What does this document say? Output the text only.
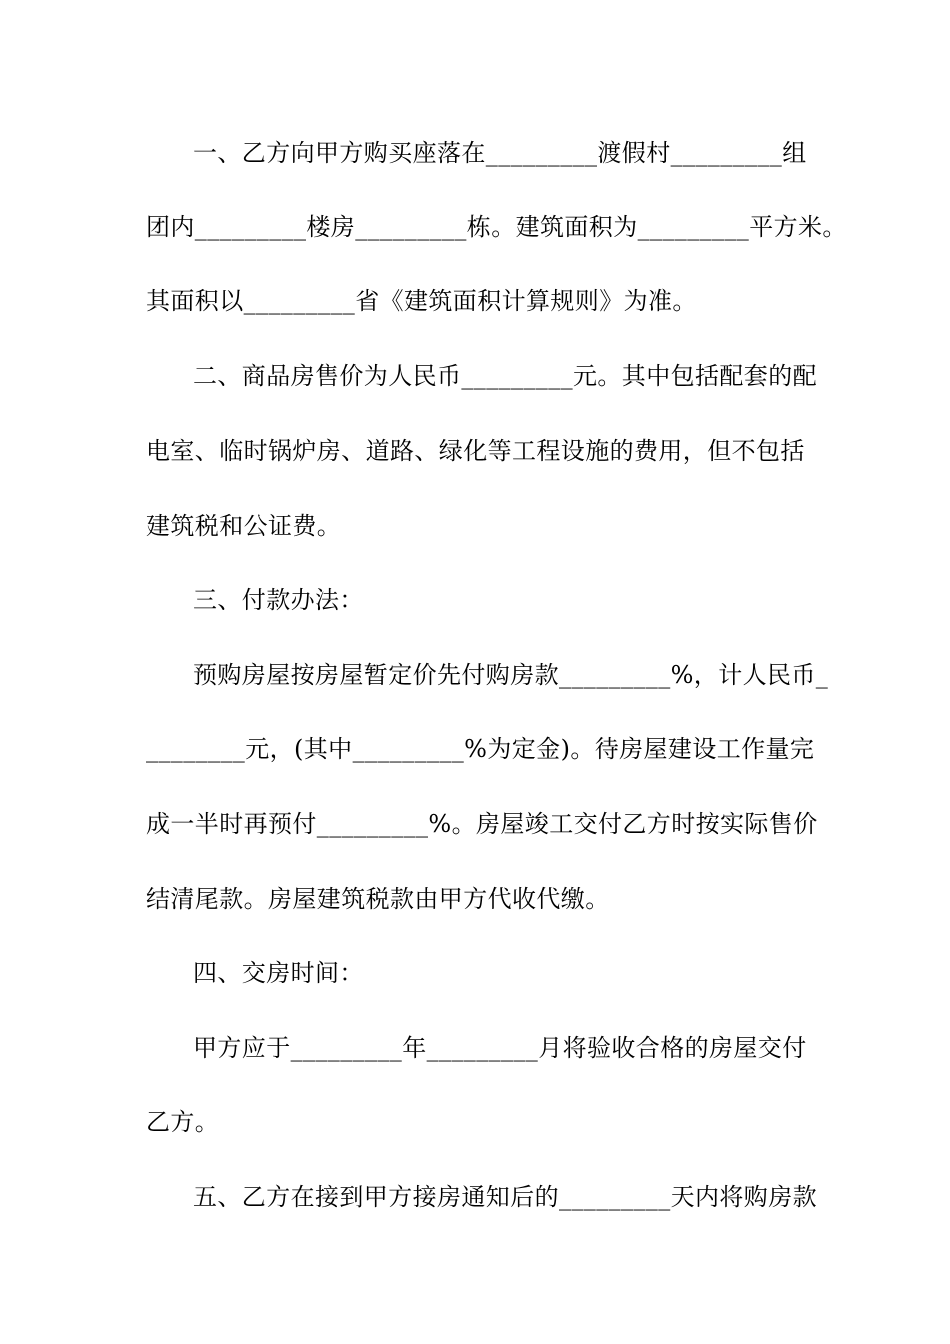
一、乙方向甲方购买座落在_________渡假村_________组
团内_________楼房_________栋。建筑面积为_________平方米。
其面积以_________省《建筑面积计算规则》为准。
二、商品房售价为人民币_________元。其中包括配套的配
电室、临时锅炉房、道路、绿化等工程设施的费用，但不包括
建筑税和公证费。
三、付款办法：
预购房屋按房屋暂定价先付购房款_________%，计人民币_
________元，(其中_________%为定金)。待房屋建设工作量完
成一半时再预付_________%。房屋竣工交付乙方时按实际售价
结清尾款。房屋建筑税款由甲方代收代缴。
四、交房时间：
甲方应于_________年_________月将验收合格的房屋交付
乙方。
五、乙方在接到甲方接房通知后的_________天内将购房款
